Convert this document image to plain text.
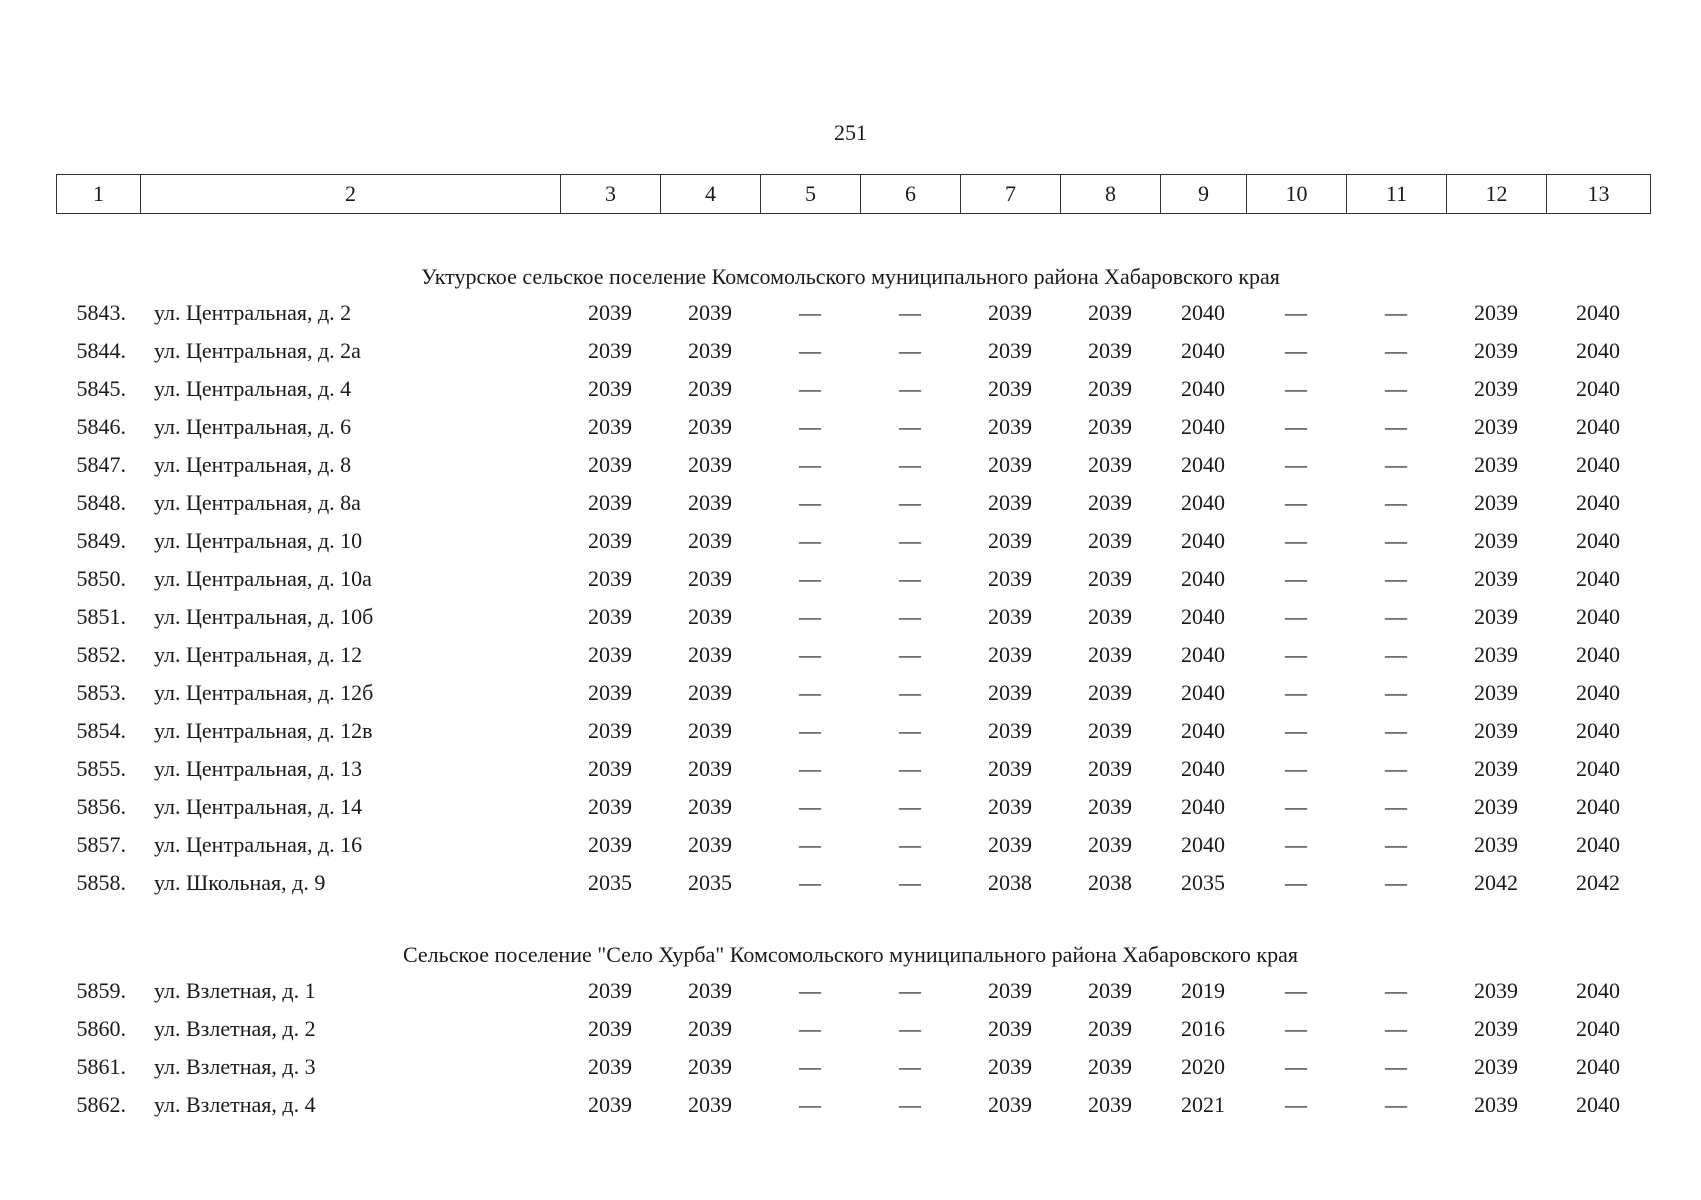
251
1	2	3	4	5	6	7	8	9	10	11	12	13
Уктурское сельское поселение Комсомольского муниципального района Хабаровского края
5843.	ул. Центральная, д. 2	2039	2039	—	—	2039	2039	2040	—	—	2039	2040
5844.	ул. Центральная, д. 2а	2039	2039	—	—	2039	2039	2040	—	—	2039	2040
5845.	ул. Центральная, д. 4	2039	2039	—	—	2039	2039	2040	—	—	2039	2040
5846.	ул. Центральная, д. 6	2039	2039	—	—	2039	2039	2040	—	—	2039	2040
5847.	ул. Центральная, д. 8	2039	2039	—	—	2039	2039	2040	—	—	2039	2040
5848.	ул. Центральная, д. 8а	2039	2039	—	—	2039	2039	2040	—	—	2039	2040
5849.	ул. Центральная, д. 10	2039	2039	—	—	2039	2039	2040	—	—	2039	2040
5850.	ул. Центральная, д. 10а	2039	2039	—	—	2039	2039	2040	—	—	2039	2040
5851.	ул. Центральная, д. 10б	2039	2039	—	—	2039	2039	2040	—	—	2039	2040
5852.	ул. Центральная, д. 12	2039	2039	—	—	2039	2039	2040	—	—	2039	2040
5853.	ул. Центральная, д. 12б	2039	2039	—	—	2039	2039	2040	—	—	2039	2040
5854.	ул. Центральная, д. 12в	2039	2039	—	—	2039	2039	2040	—	—	2039	2040
5855.	ул. Центральная, д. 13	2039	2039	—	—	2039	2039	2040	—	—	2039	2040
5856.	ул. Центральная, д. 14	2039	2039	—	—	2039	2039	2040	—	—	2039	2040
5857.	ул. Центральная, д. 16	2039	2039	—	—	2039	2039	2040	—	—	2039	2040
5858.	ул. Школьная, д. 9	2035	2035	—	—	2038	2038	2035	—	—	2042	2042
Сельское поселение "Село Хурба" Комсомольского муниципального района Хабаровского края
5859.	ул. Взлетная, д. 1	2039	2039	—	—	2039	2039	2019	—	—	2039	2040
5860.	ул. Взлетная, д. 2	2039	2039	—	—	2039	2039	2016	—	—	2039	2040
5861.	ул. Взлетная, д. 3	2039	2039	—	—	2039	2039	2020	—	—	2039	2040
5862.	ул. Взлетная, д. 4	2039	2039	—	—	2039	2039	2021	—	—	2039	2040
